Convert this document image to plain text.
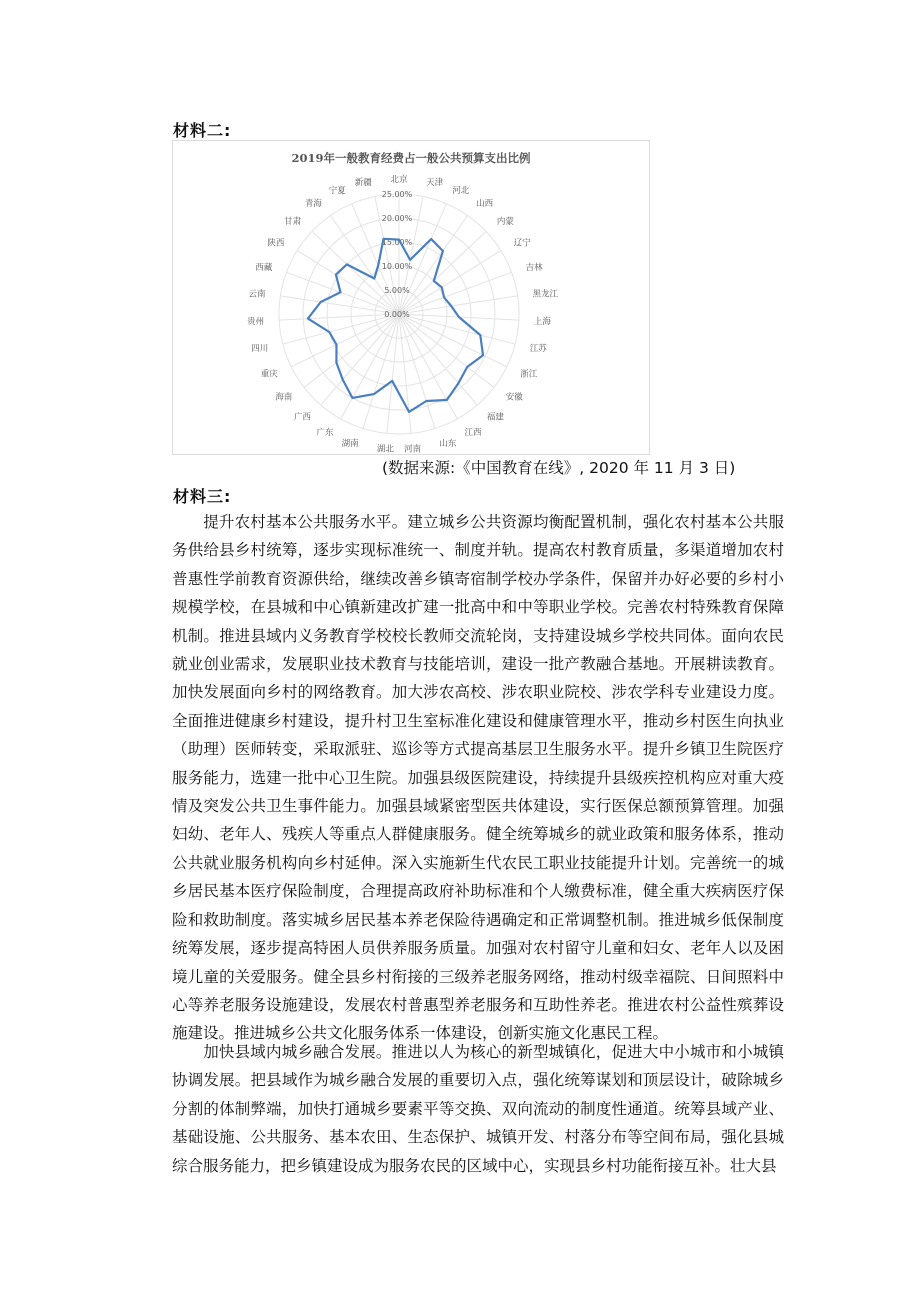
材料二:
2019年一般教育经费占一般公共预算支出比例
0.00%
5.00%
10.00%
15.00%
20.00%
25.00%
北京 天津
河北
山西
内蒙
辽宁
吉林
黑龙江
上海
江苏
浙江
安徽
福建
江西
山东
河南
湖北
湖南
广东
广西
海南
重庆
四川
贵州
云南
西藏
陕西
甘肃
青海
宁夏
新疆
(数据来源:《中国教育在线》, 2020 年 11 月 3 日)
材料三:

提升农村基本公共服务水平。建立城乡公共资源均衡配置机制，强化农村基本公共服务供给县乡村统筹，逐步实现标准统一、制度并轨。提高农村教育质量，多渠道增加农村普惠性学前教育资源供给，继续改善乡镇寄宿制学校办学条件，保留并办好必要的乡村小规模学校，在县城和中心镇新建改扩建一批高中和中等职业学校。完善农村特殊教育保障机制。推进县域内义务教育学校校长教师交流轮岗，支持建设城乡学校共同体。面向农民就业创业需求，发展职业技术教育与技能培训，建设一批产教融合基地。开展耕读教育。加快发展面向乡村的网络教育。加大涉农高校、涉农职业院校、涉农学科专业建设力度。全面推进健康乡村建设，提升村卫生室标准化建设和健康管理水平，推动乡村医生向执业（助理）医师转变，采取派驻、巡诊等方式提高基层卫生服务水平。提升乡镇卫生院医疗服务能力，选建一批中心卫生院。加强县级医院建设，持续提升县级疾控机构应对重大疫情及突发公共卫生事件能力。加强县域紧密型医共体建设，实行医保总额预算管理。加强妇幼、老年人、残疾人等重点人群健康服务。健全统筹城乡的就业政策和服务体系，推动公共就业服务机构向乡村延伸。深入实施新生代农民工职业技能提升计划。完善统一的城乡居民基本医疗保险制度，合理提高政府补助标准和个人缴费标准，健全重大疾病医疗保险和救助制度。落实城乡居民基本养老保险待遇确定和正常调整机制。推进城乡低保制度统筹发展，逐步提高特困人员供养服务质量。加强对农村留守儿童和妇女、老年人以及困境儿童的关爱服务。健全县乡村衔接的三级养老服务网络，推动村级幸福院、日间照料中心等养老服务设施建设，发展农村普惠型养老服务和互助性养老。推进农村公益性殡葬设施建设。推进城乡公共文化服务体系一体建设，创新实施文化惠民工程。

加快县域内城乡融合发展。推进以人为核心的新型城镇化，促进大中小城市和小城镇协调发展。把县域作为城乡融合发展的重要切入点，强化统筹谋划和顶层设计，破除城乡分割的体制弊端，加快打通城乡要素平等交换、双向流动的制度性通道。统筹县域产业、基础设施、公共服务、基本农田、生态保护、城镇开发、村落分布等空间布局，强化县城综合服务能力，把乡镇建设成为服务农民的区域中心，实现县乡村功能衔接互补。壮大县
